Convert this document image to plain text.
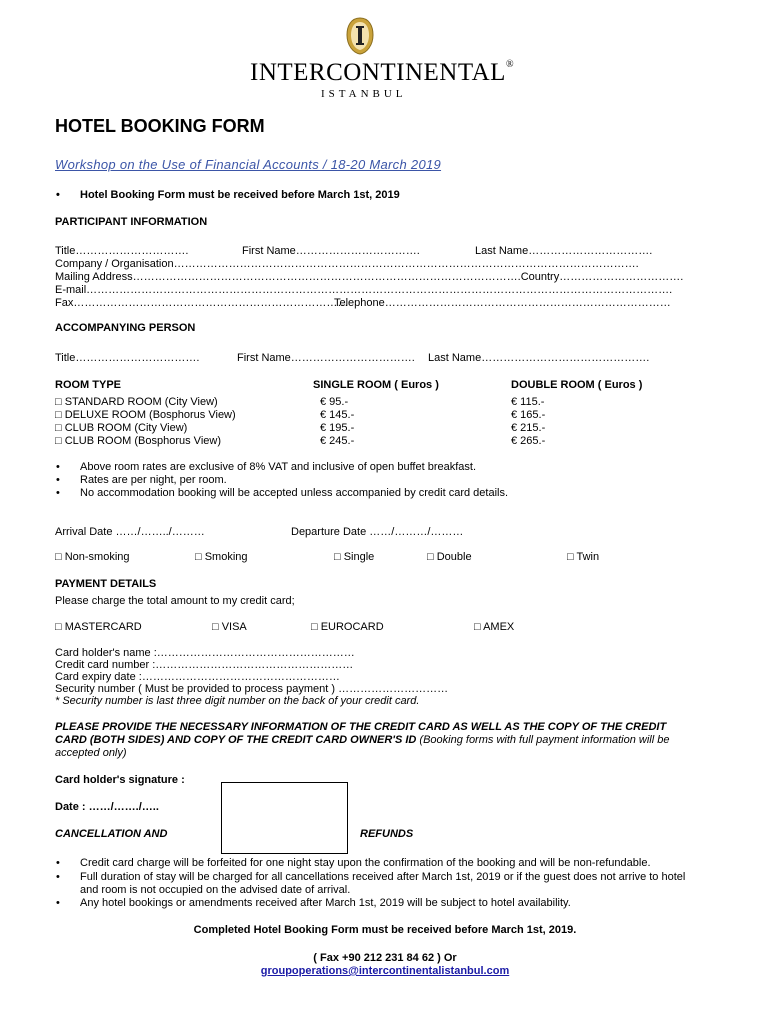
INTERCONTINENTAL®
ISTANBUL
HOTEL BOOKING FORM
Workshop on the Use of Financial Accounts / 18-20 March 2019
• Hotel Booking Form must be received before March 1st, 2019
PARTICIPANT INFORMATION
Title………………………….	First Name…………………………….	Last Name…………………………….
Company / Organisation……………………………………………………………………………………………………………….
Mailing Address…………………………………………………………………………………………….Country…………………………….
E-mail…………………………………………………………………………………………………………………………………………….
Fax…………………………………………………………………
Telephone……………………………………………………………………
ACCOMPANYING PERSON
Title…………………………….	First Name……………………………. Last Name……………………………………….
ROOM TYPE	SINGLE ROOM ( Euros )	DOUBLE ROOM ( Euros )
□ STANDARD ROOM (City View)	€ 95.-	€ 115.-
□ DELUXE ROOM (Bosphorus View)	€ 145.-	€ 165.-
□ CLUB ROOM (City View)	€ 195.-	€ 215.-
□ CLUB ROOM (Bosphorus View)	€ 245.-	€ 265.-
• Above room rates are exclusive of 8% VAT and inclusive of open buffet breakfast.
• Rates are per night, per room.
• No accommodation booking will be accepted unless accompanied by credit card details.
Arrival Date ……/……../………	Departure Date ……/………/………
□ Non-smoking	□ Smoking	□ Single	□ Double	□ Twin
PAYMENT DETAILS
Please charge the total amount to my credit card;
□ MASTERCARD	□ VISA	□ EUROCARD	□ AMEX
Card holder's name :………………………………………………
Credit card number :………………………………………………
Card expiry date :………………………………………………
Security number ( Must be provided to process payment ) …………………………
* Security number is last three digit number on the back of your credit card.
PLEASE PROVIDE THE NECESSARY INFORMATION OF THE CREDIT CARD AS WELL AS THE COPY OF THE CREDIT
CARD (BOTH SIDES) AND COPY OF THE CREDIT CARD OWNER'S ID (Booking forms with full payment information will be
accepted only)
Card holder's signature :
Date : ……/……./…..
CANCELLATION AND	REFUNDS
• Credit card charge will be forfeited for one night stay upon the confirmation of the booking and will be non-refundable.
• Full duration of stay will be charged for all cancellations received after March 1st, 2019 or if the guest does not arrive to hotel
and room is not occupied on the advised date of arrival.
• Any hotel bookings or amendments received after March 1st, 2019 will be subject to hotel availability.
Completed Hotel Booking Form must be received before March 1st, 2019.
( Fax +90 212 231 84 62 ) Or
groupoperations@intercontinentalistanbul.com
